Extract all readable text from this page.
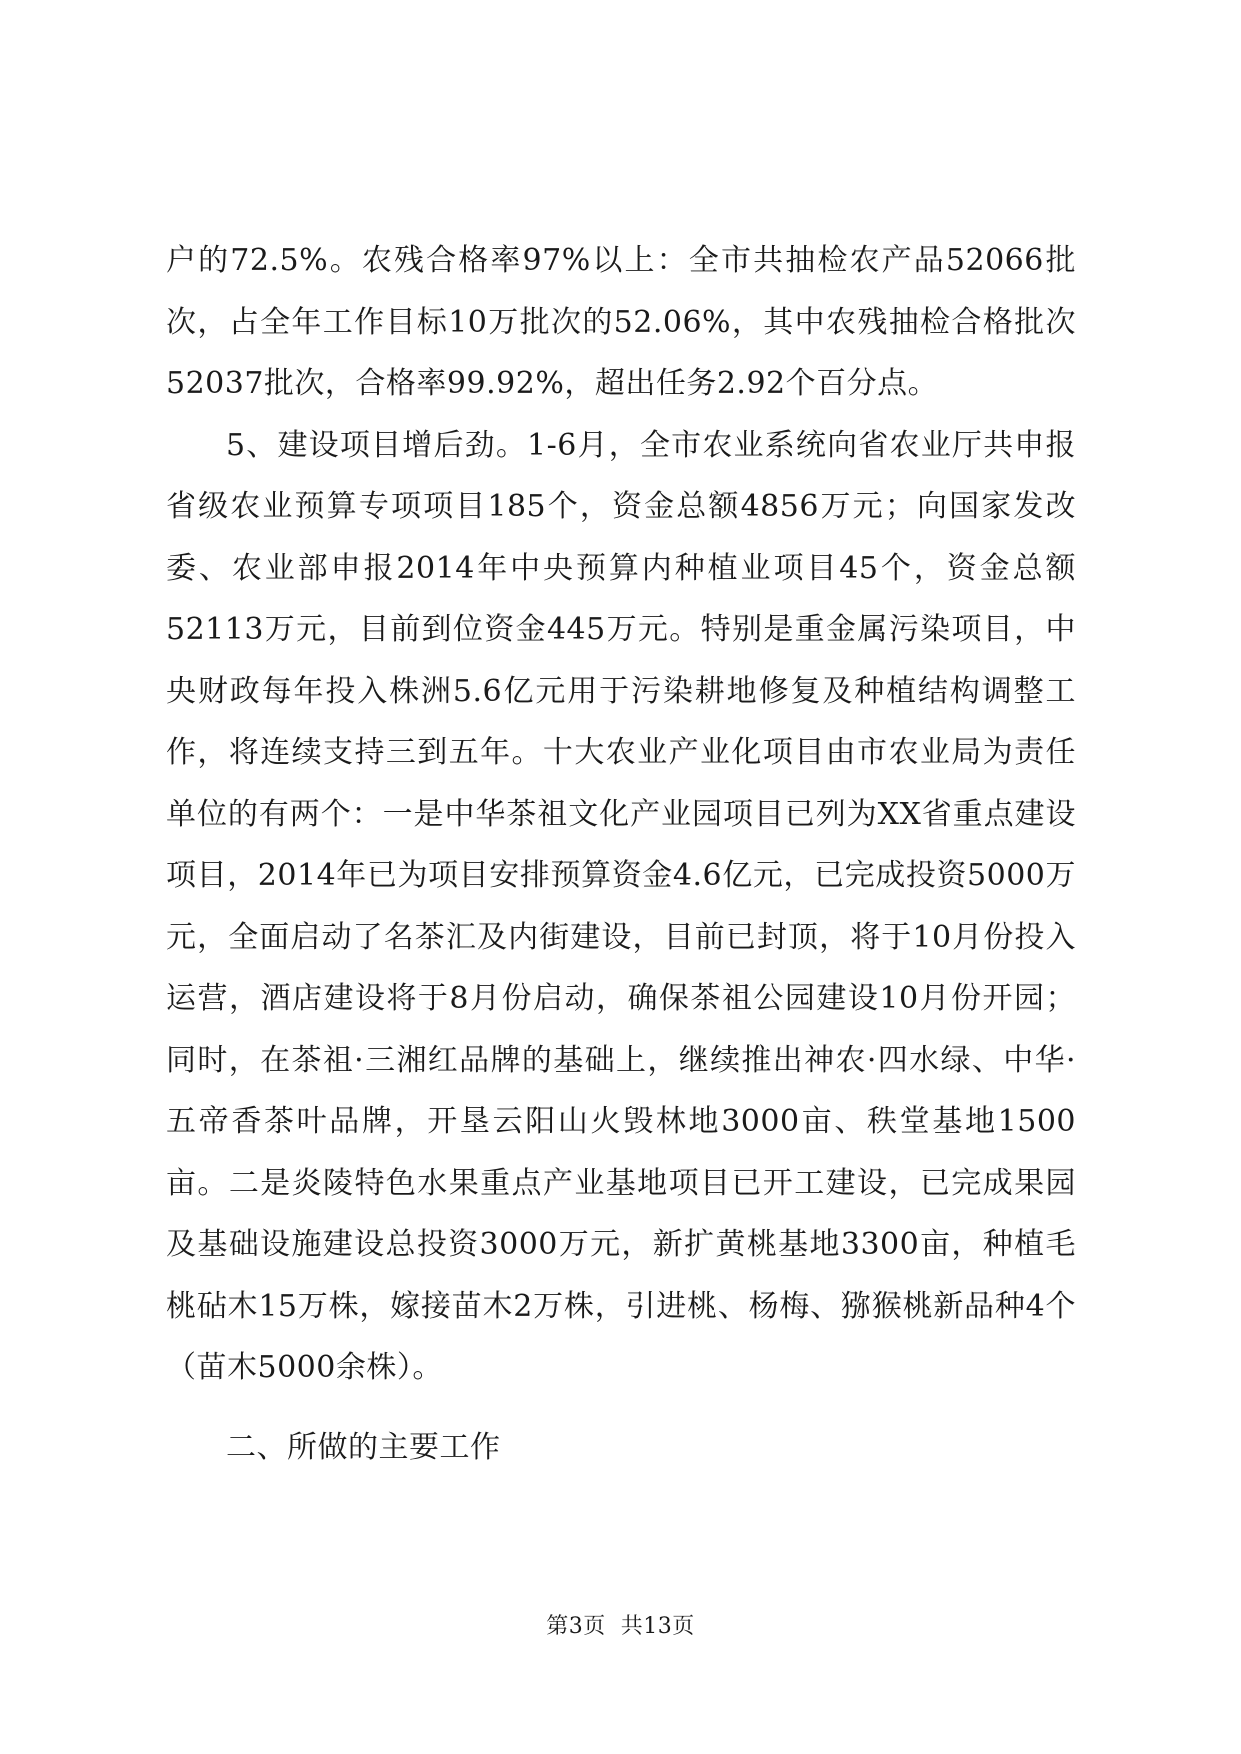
户的72.5%。农残合格率97%以上：全市共抽检农产品52066批次，占全年工作目标10万批次的52.06%，其中农残抽检合格批次52037批次，合格率99.92%，超出任务2.92个百分点。

5、建设项目增后劲。1-6月，全市农业系统向省农业厅共申报省级农业预算专项项目185个，资金总额4856万元；向国家发改委、农业部申报2014年中央预算内种植业项目45个，资金总额52113万元，目前到位资金445万元。特别是重金属污染项目，中央财政每年投入株洲5.6亿元用于污染耕地修复及种植结构调整工作，将连续支持三到五年。十大农业产业化项目由市农业局为责任单位的有两个：一是中华茶祖文化产业园项目已列为XX省重点建设项目，2014年已为项目安排预算资金4.6亿元，已完成投资5000万元，全面启动了名茶汇及内街建设，目前已封顶，将于10月份投入运营，酒店建设将于8月份启动，确保茶祖公园建设10月份开园；同时，在茶祖·三湘红品牌的基础上，继续推出神农·四水绿、中华·五帝香茶叶品牌，开垦云阳山火毁林地3000亩、秩堂基地1500亩。二是炎陵特色水果重点产业基地项目已开工建设，已完成果园及基础设施建设总投资3000万元，新扩黄桃基地3300亩，种植毛桃砧木15万株，嫁接苗木2万株，引进桃、杨梅、猕猴桃新品种4个（苗木5000余株）。

二、所做的主要工作

第3页  共13页
